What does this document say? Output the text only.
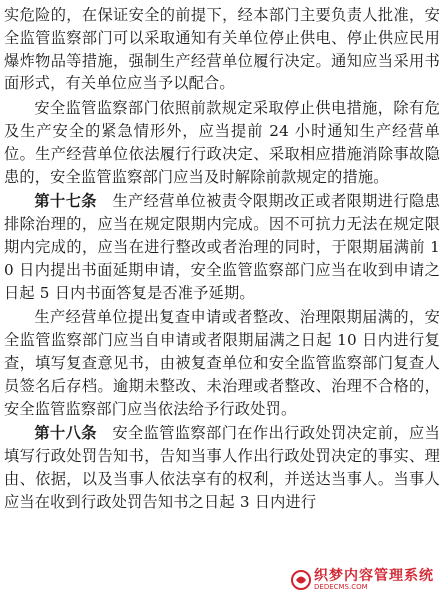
实危险的，在保证安全的前提下，经本部门主要负责人批准，安全监管监察部门可以采取通知有关单位停止供电、停止供应民用爆炸物品等措施，强制生产经营单位履行决定。通知应当采用书面形式，有关单位应当予以配合。

安全监管监察部门依照前款规定采取停止供电措施，除有危及生产安全的紧急情形外，应当提前 24 小时通知生产经营单位。生产经营单位依法履行行政决定、采取相应措施消除事故隐患的，安全监管监察部门应当及时解除前款规定的措施。

第十七条　 生产经营单位被责令限期改正或者限期进行隐患排除治理的，应当在规定限期内完成。因不可抗力无法在规定限期内完成的，应当在进行整改或者治理的同时，于限期届满前 10 日内提出书面延期申请，安全监管监察部门应当在收到申请之日起 5 日内书面答复是否准予延期。

生产经营单位提出复查申请或者整改、治理限期届满的，安全监管监察部门应当自申请或者限期届满之日起 10 日内进行复查，填写复查意见书，由被复查单位和安全监管监察部门复查人员签名后存档。逾期未整改、未治理或者整改、治理不合格的，安全监管监察部门应当依法给予行政处罚。

第十八条　 安全监管监察部门在作出行政处罚决定前，应当填写行政处罚告知书，告知当事人作出行政处罚决定的事实、理由、依据，以及当事人依法享有的权利，并送达当事人。当事人应当在收到行政处罚告知书之日起 3 日内进行

织梦内容管理系统
DEDECMS.COM
